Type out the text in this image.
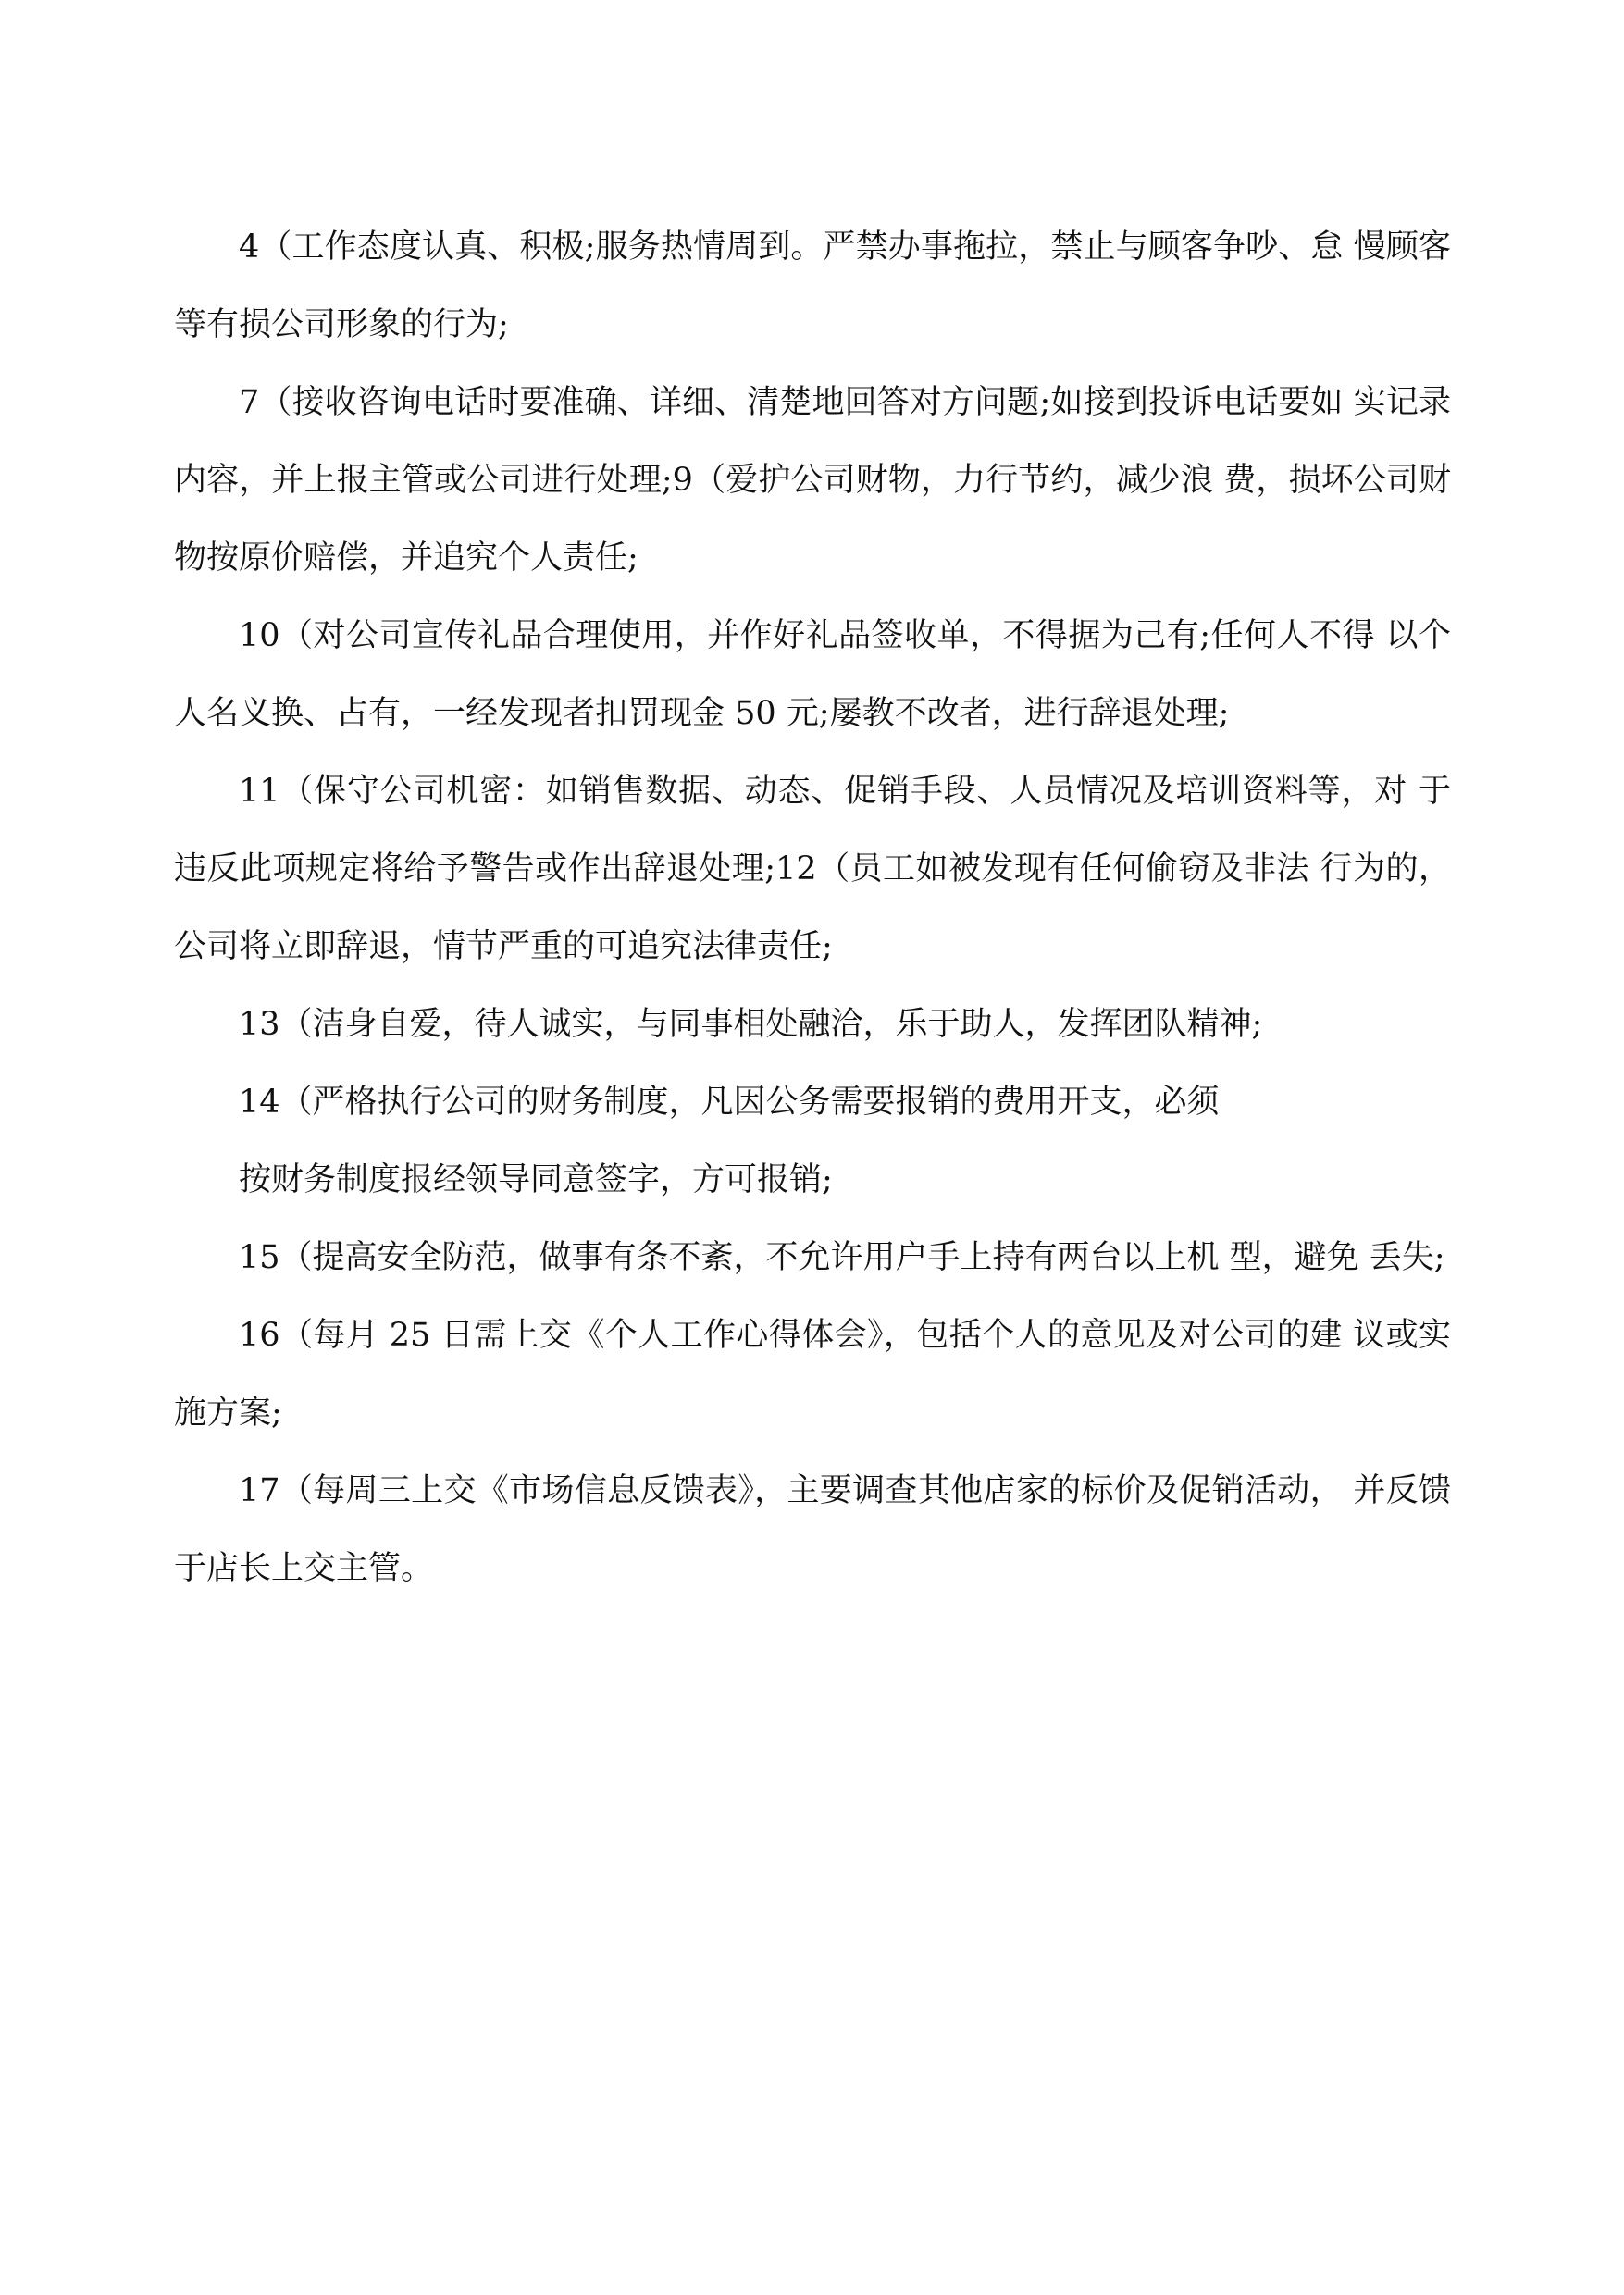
4（工作态度认真、积极;服务热情周到。严禁办事拖拉，禁止与顾客争吵、怠 慢顾客等有损公司形象的行为;

7（接收咨询电话时要准确、详细、清楚地回答对方问题;如接到投诉电话要如 实记录内容，并上报主管或公司进行处理;9（爱护公司财物，力行节约，减少浪 费，损坏公司财物按原价赔偿，并追究个人责任;

10（对公司宣传礼品合理使用，并作好礼品签收单，不得据为己有;任何人不得 以个人名义换、占有，一经发现者扣罚现金 50 元;屡教不改者，进行辞退处理;

11（保守公司机密：如销售数据、动态、促销手段、人员情况及培训资料等，对 于违反此项规定将给予警告或作出辞退处理;12（员工如被发现有任何偷窃及非法 行为的，公司将立即辞退，情节严重的可追究法律责任;

13（洁身自爱，待人诚实，与同事相处融洽，乐于助人，发挥团队精神;

14（严格执行公司的财务制度，凡因公务需要报销的费用开支，必须

按财务制度报经领导同意签字，方可报销;

15（提高安全防范，做事有条不紊，不允许用户手上持有两台以上机 型，避免 丢失;

16（每月 25 日需上交《个人工作心得体会》，包括个人的意见及对公司的建 议或实施方案;

17（每周三上交《市场信息反馈表》，主要调查其他店家的标价及促销活动， 并反馈于店长上交主管。
